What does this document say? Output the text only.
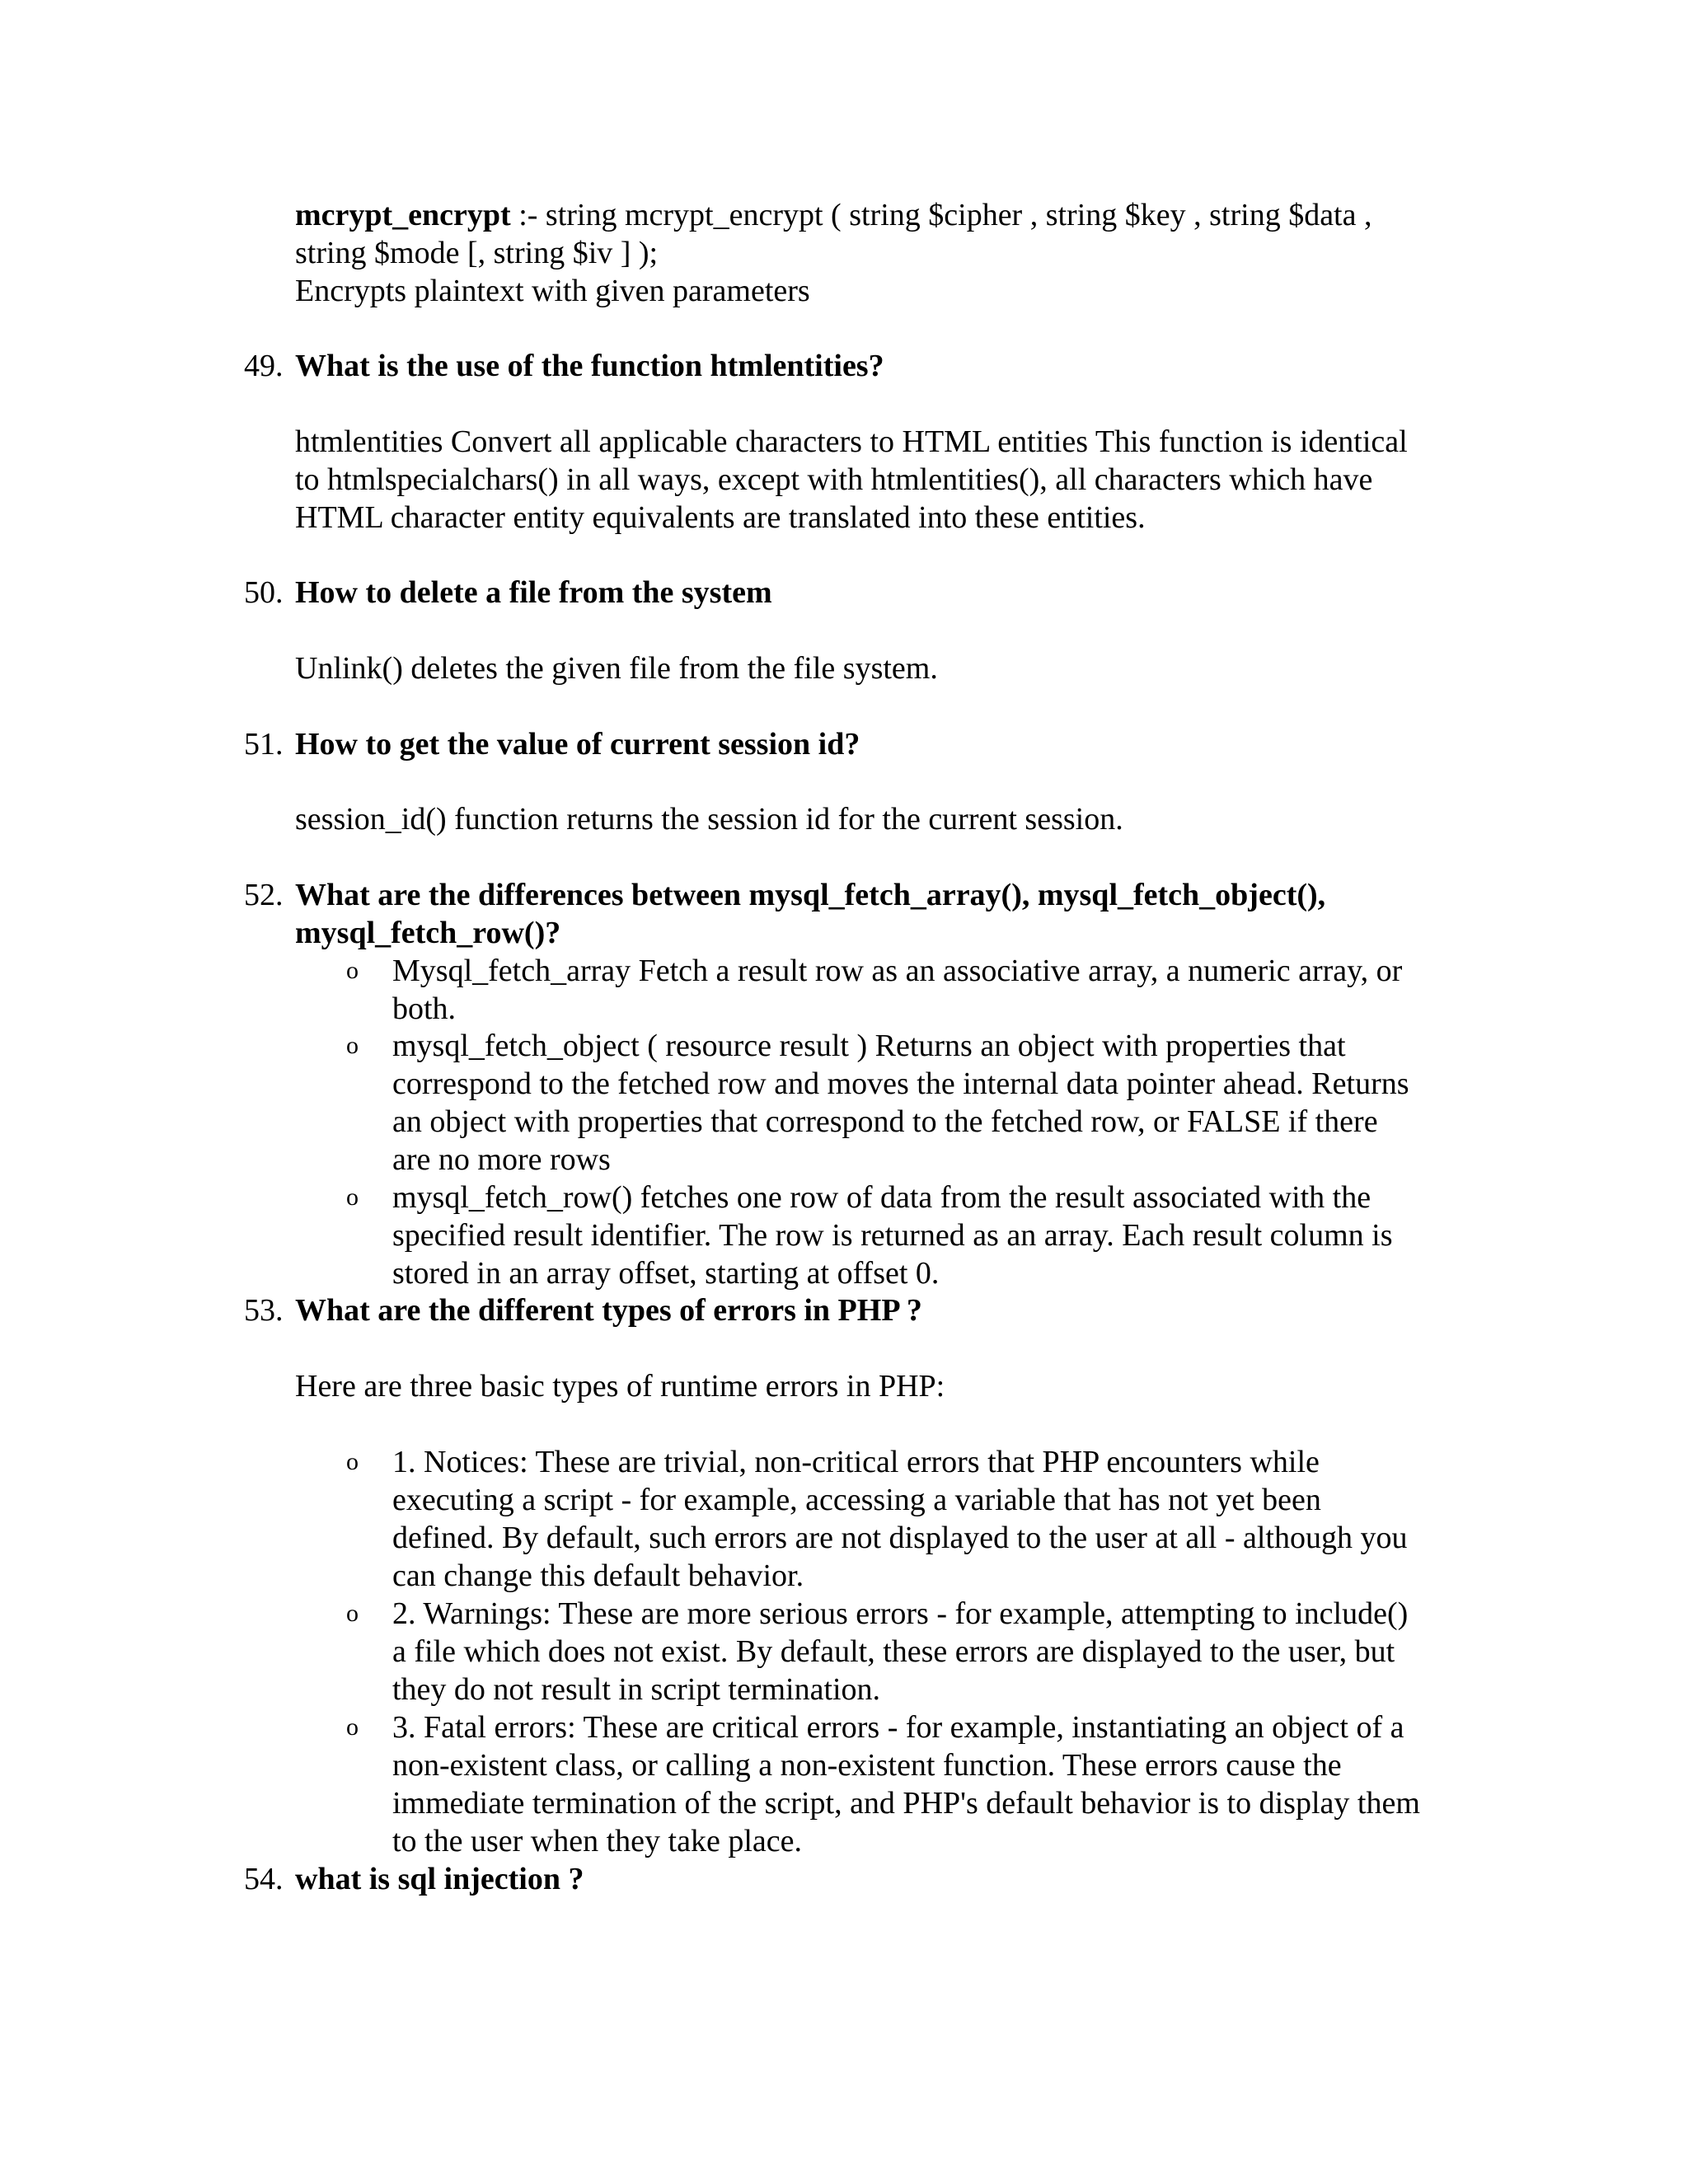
mcrypt_encrypt :- string mcrypt_encrypt ( string $cipher , string $key , string $data ,
string $mode [, string $iv ] );
Encrypts plaintext with given parameters
49. What is the use of the function htmlentities?
htmlentities Convert all applicable characters to HTML entities This function is identical
to htmlspecialchars() in all ways, except with htmlentities(), all characters which have
HTML character entity equivalents are translated into these entities.
50. How to delete a file from the system
Unlink() deletes the given file from the file system.
51. How to get the value of current session id?
session_id() function returns the session id for the current session.
52. What are the differences between mysql_fetch_array(), mysql_fetch_object(),
mysql_fetch_row()?
o Mysql_fetch_array Fetch a result row as an associative array, a numeric array, or
both.
o mysql_fetch_object ( resource result ) Returns an object with properties that
correspond to the fetched row and moves the internal data pointer ahead. Returns
an object with properties that correspond to the fetched row, or FALSE if there
are no more rows
o mysql_fetch_row() fetches one row of data from the result associated with the
specified result identifier. The row is returned as an array. Each result column is
stored in an array offset, starting at offset 0.
53. What are the different types of errors in PHP ?
Here are three basic types of runtime errors in PHP:
o 1. Notices: These are trivial, non-critical errors that PHP encounters while
executing a script - for example, accessing a variable that has not yet been
defined. By default, such errors are not displayed to the user at all - although you
can change this default behavior.
o 2. Warnings: These are more serious errors - for example, attempting to include()
a file which does not exist. By default, these errors are displayed to the user, but
they do not result in script termination.
o 3. Fatal errors: These are critical errors - for example, instantiating an object of a
non-existent class, or calling a non-existent function. These errors cause the
immediate termination of the script, and PHP's default behavior is to display them
to the user when they take place.
54. what is sql injection ?
